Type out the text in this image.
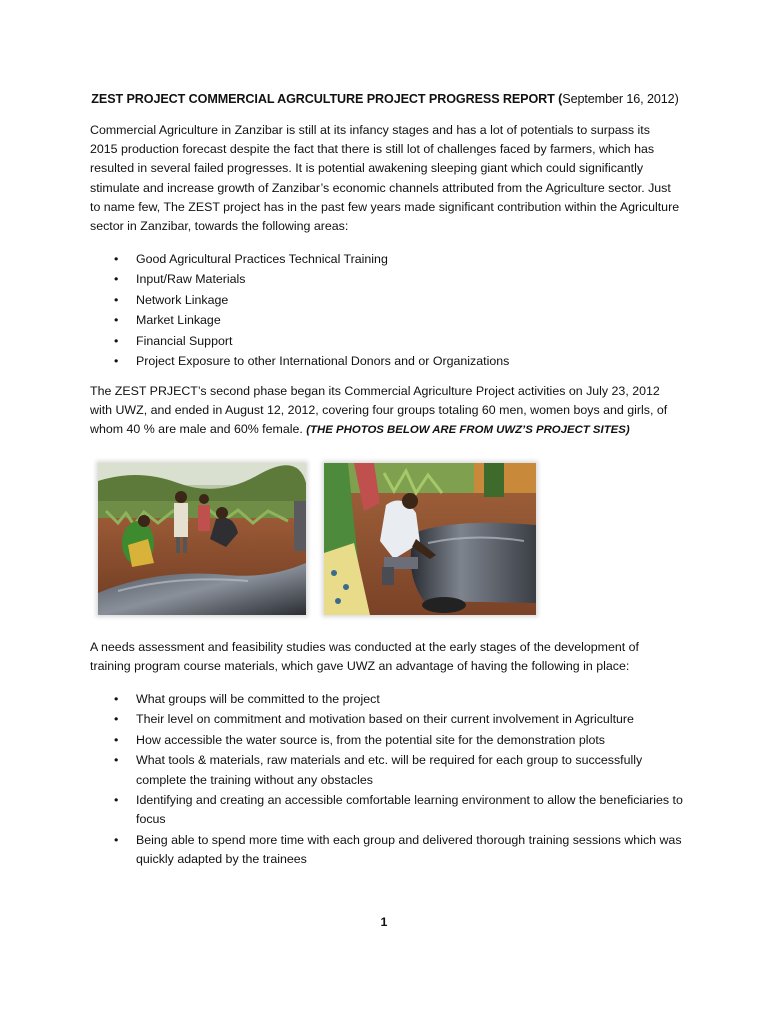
ZEST PROJECT COMMERCIAL AGRCULTURE PROJECT PROGRESS REPORT (September 16, 2012)

Commercial Agriculture in Zanzibar is still at its infancy stages and has a lot of potentials to surpass its 2015 production forecast despite the fact that there is still lot of challenges faced by farmers, which has resulted in several failed progresses. It is potential awakening sleeping giant which could significantly stimulate and increase growth of Zanzibar’s economic channels attributed from the Agriculture sector. Just to name few, The ZEST project has in the past few years made significant contribution within the Agriculture sector in Zanzibar, towards the following areas:

• Good Agricultural Practices Technical Training
• Input/Raw Materials
• Network Linkage
• Market Linkage
• Financial Support
• Project Exposure to other International Donors and or Organizations

The ZEST PRJECT’s second phase began its Commercial Agriculture Project activities on July 23, 2012 with UWZ, and ended in August 12, 2012, covering four groups totaling 60 men, women boys and girls, of whom 40 % are male and 60% female. (THE PHOTOS BELOW ARE FROM UWZ’S PROJECT SITES)

A needs assessment and feasibility studies was conducted at the early stages of the development of training program course materials, which gave UWZ an advantage of having the following in place:

• What groups will be committed to the project
• Their level on commitment and motivation based on their current involvement in Agriculture
• How accessible the water source is, from the potential site for the demonstration plots
• What tools & materials, raw materials and etc. will be required for each group to successfully complete the training without any obstacles
• Identifying and creating an accessible comfortable learning environment to allow the beneficiaries to focus
• Being able to spend more time with each group and delivered thorough training sessions which was quickly adapted by the trainees
1
